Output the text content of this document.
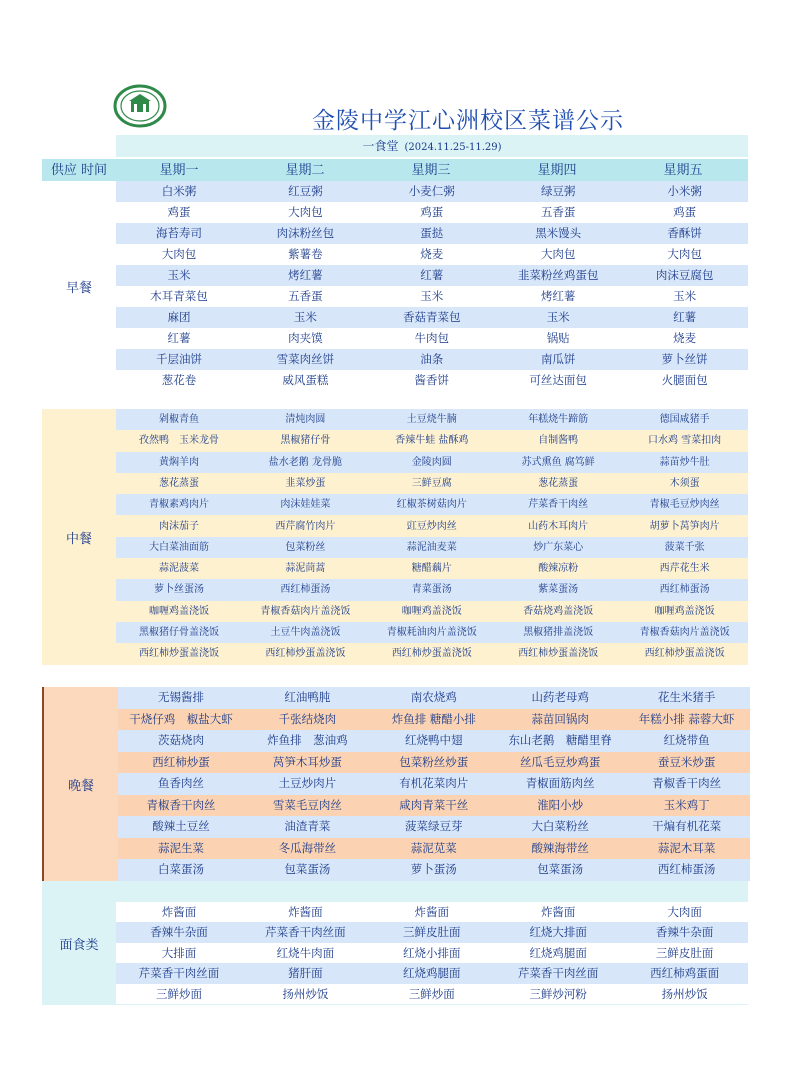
金陵中学江心洲校区菜谱公示
一食堂 (2024.11.25-11.29)
供应 时间	星期一	星期二	星期三	星期四	星期五
早餐
白米粥	红豆粥	小麦仁粥	绿豆粥	小米粥
鸡蛋	大肉包	鸡蛋	五香蛋	鸡蛋
海苔寿司	肉沫粉丝包	蛋挞	黑米馒头	香酥饼
大肉包	紫薯卷	烧麦	大肉包	大肉包
玉米	烤红薯	红薯	韭菜粉丝鸡蛋包	肉沫豆腐包
木耳青菜包	五香蛋	玉米	烤红薯	玉米
麻团	玉米	香菇青菜包	玉米	红薯
红薯	肉夹馍	牛肉包	锅贴	烧麦
千层油饼	雪菜肉丝饼	油条	南瓜饼	萝卜丝饼
葱花卷	威风蛋糕	酱香饼	可丝达面包	火腿面包
中餐
剁椒青鱼	清炖肉圆	土豆烧牛腩	年糕烧牛蹄筋	德国咸猪手
孜然鸭　玉米龙骨	黑椒猪仔骨	香辣牛蛙 盐酥鸡	自制酱鸭	口水鸡 雪菜扣肉
黄焖羊肉	盐水老鹅 龙骨脆	金陵肉圆	苏式熏鱼 腐笃鲜	蒜苗炒牛肚
葱花蒸蛋	韭菜炒蛋	三鲜豆腐	葱花蒸蛋	木须蛋
青椒素鸡肉片	肉沫娃娃菜	红椒茶树菇肉片	芹菜香干肉丝	青椒毛豆炒肉丝
肉沫茄子	西芹腐竹肉片	豇豆炒肉丝	山药木耳肉片	胡萝卜莴笋肉片
大白菜油面筋	包菜粉丝	蒜泥油麦菜	炒广东菜心	菠菜千张
蒜泥菠菜	蒜泥茼蒿	糖醋藕片	酸辣凉粉	西芹花生米
萝卜丝蛋汤	西红柿蛋汤	青菜蛋汤	紫菜蛋汤	西红柿蛋汤
咖喱鸡盖浇饭	青椒香菇肉片盖浇饭	咖喱鸡盖浇饭	香菇烧鸡盖浇饭	咖喱鸡盖浇饭
黑椒猪仔骨盖浇饭	土豆牛肉盖浇饭	青椒耗油肉片盖浇饭	黑椒猪排盖浇饭	青椒香菇肉片盖浇饭
西红柿炒蛋盖浇饭	西红柿炒蛋盖浇饭	西红柿炒蛋盖浇饭	西红柿炒蛋盖浇饭	西红柿炒蛋盖浇饭
晚餐
无锡酱排	红油鸭肫	南农烧鸡	山药老母鸡	花生米猪手
干烧仔鸡　椒盐大虾	千张结烧肉	炸鱼排 糖醋小排	蒜苗回锅肉	年糕小排 蒜蓉大虾
茨菇烧肉	炸鱼排　葱油鸡	红烧鸭中翅	东山老鹅　糖醋里脊	红烧带鱼
西红柿炒蛋	莴笋木耳炒蛋	包菜粉丝炒蛋	丝瓜毛豆炒鸡蛋	蚕豆米炒蛋
鱼香肉丝	土豆炒肉片	有机花菜肉片	青椒面筋肉丝	青椒香干肉丝
青椒香干肉丝	雪菜毛豆肉丝	咸肉青菜干丝	淮阳小炒	玉米鸡丁
酸辣土豆丝	油渣青菜	菠菜绿豆芽	大白菜粉丝	干煸有机花菜
蒜泥生菜	冬瓜海带丝	蒜泥苋菜	酸辣海带丝	蒜泥木耳菜
白菜蛋汤	包菜蛋汤	萝卜蛋汤	包菜蛋汤	西红柿蛋汤
面食类
炸酱面	炸酱面	炸酱面	炸酱面	大肉面
香辣牛杂面	芹菜香干肉丝面	三鲜皮肚面	红烧大排面	香辣牛杂面
大排面	红烧牛肉面	红烧小排面	红烧鸡腿面	三鲜皮肚面
芹菜香干肉丝面	猪肝面	红烧鸡腿面	芹菜香干肉丝面	西红柿鸡蛋面
三鲜炒面	扬州炒饭	三鲜炒面	三鲜炒河粉	扬州炒饭
